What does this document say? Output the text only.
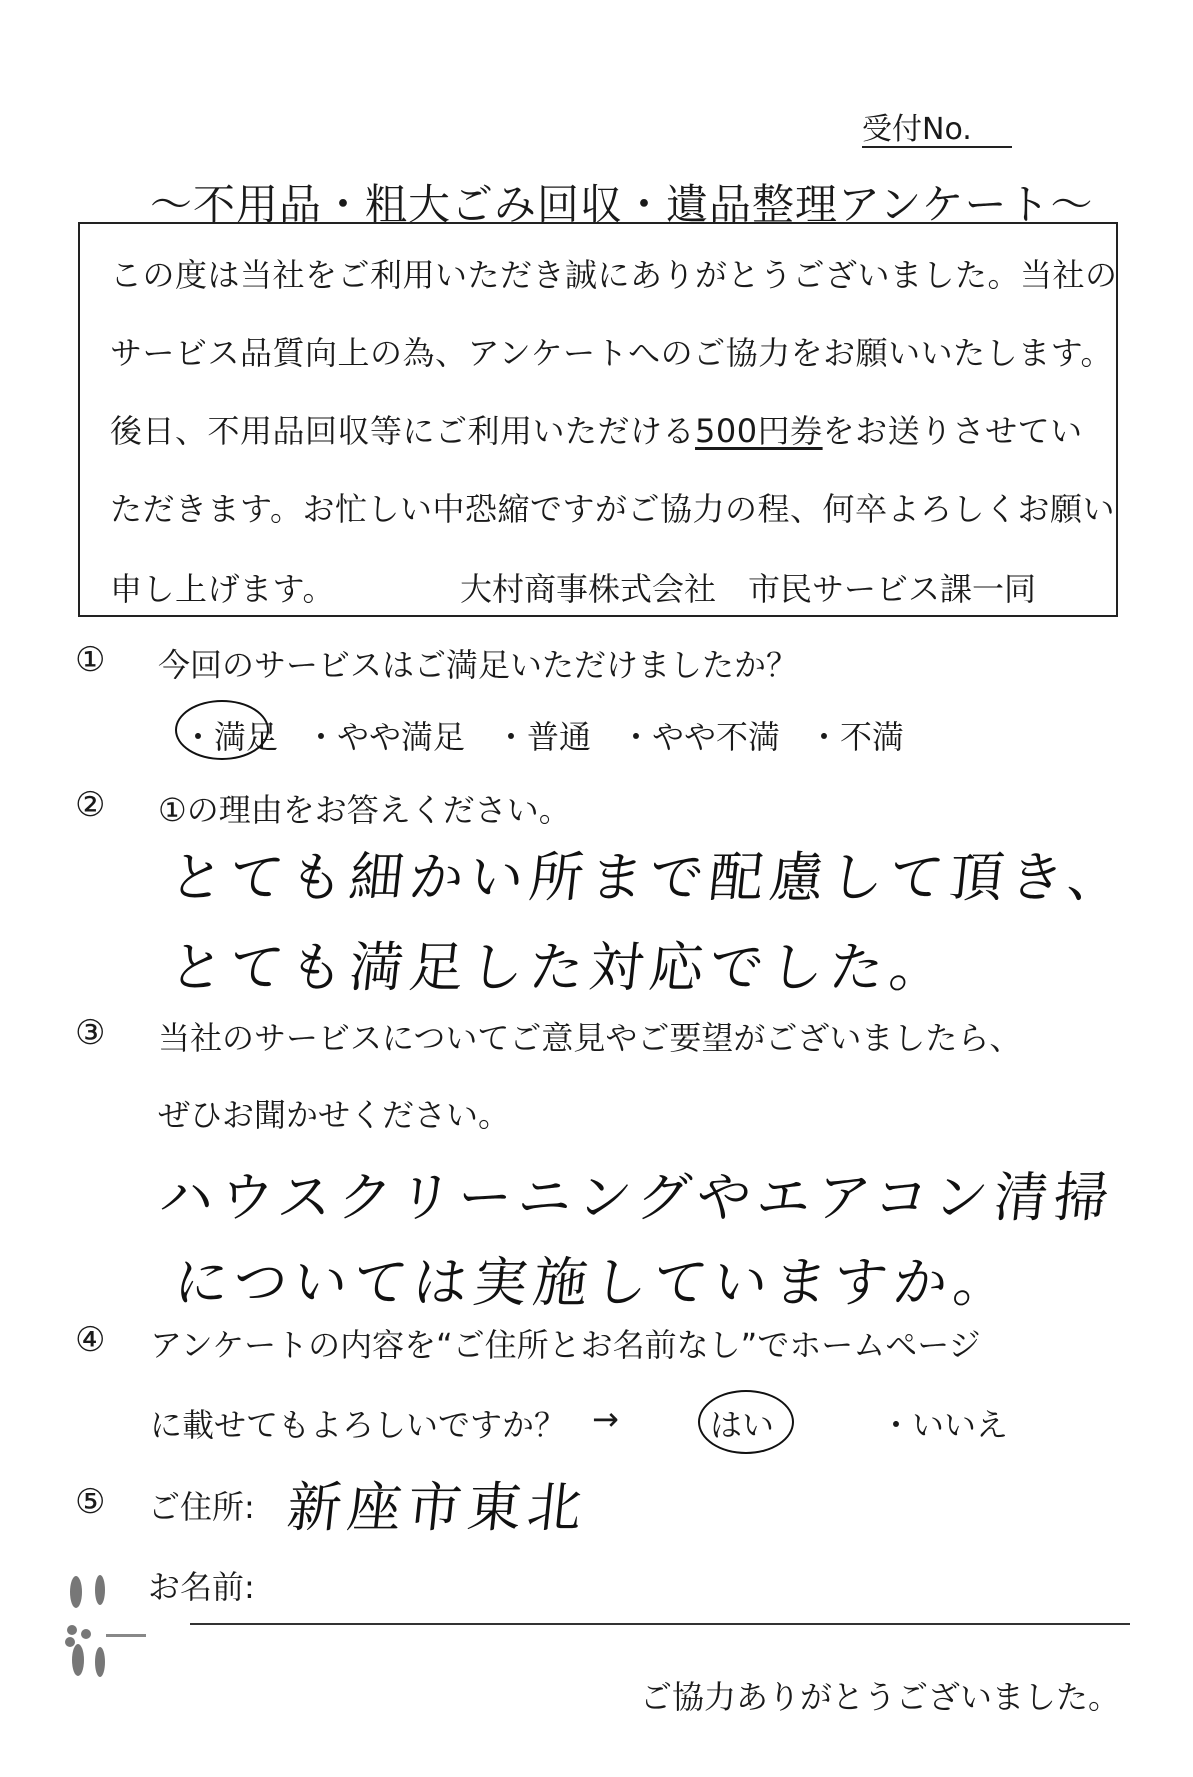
受付No.
～不用品・粗大ごみ回収・遺品整理アンケート～
この度は当社をご利用いただき誠にありがとうございました。当社の
サービス品質向上の為、アンケートへのご協力をお願いいたします。
後日、不用品回収等にご利用いただける500円券をお送りさせてい
ただきます。お忙しい中恐縮ですがご協力の程、何卒よろしくお願い
申し上げます。	大村商事株式会社　市民サービス課一同
① 今回のサービスはご満足いただけましたか？
・満足 ・やや満足 ・普通 ・やや不満 ・不満
② ①の理由をお答えください。
とても細かい所まで配慮して頂き、
とても満足した対応でした。
③ 当社のサービスについてご意見やご要望がございましたら、
ぜひお聞かせください。
ハウスクリーニングやエアコン清掃
については実施していますか。
④ アンケートの内容を“ご住所とお名前なし”でホームページ
に載せてもよろしいですか？ →	はい	・いいえ
⑤ ご住所: 新座市東北
お名前:
ご協力ありがとうございました。
